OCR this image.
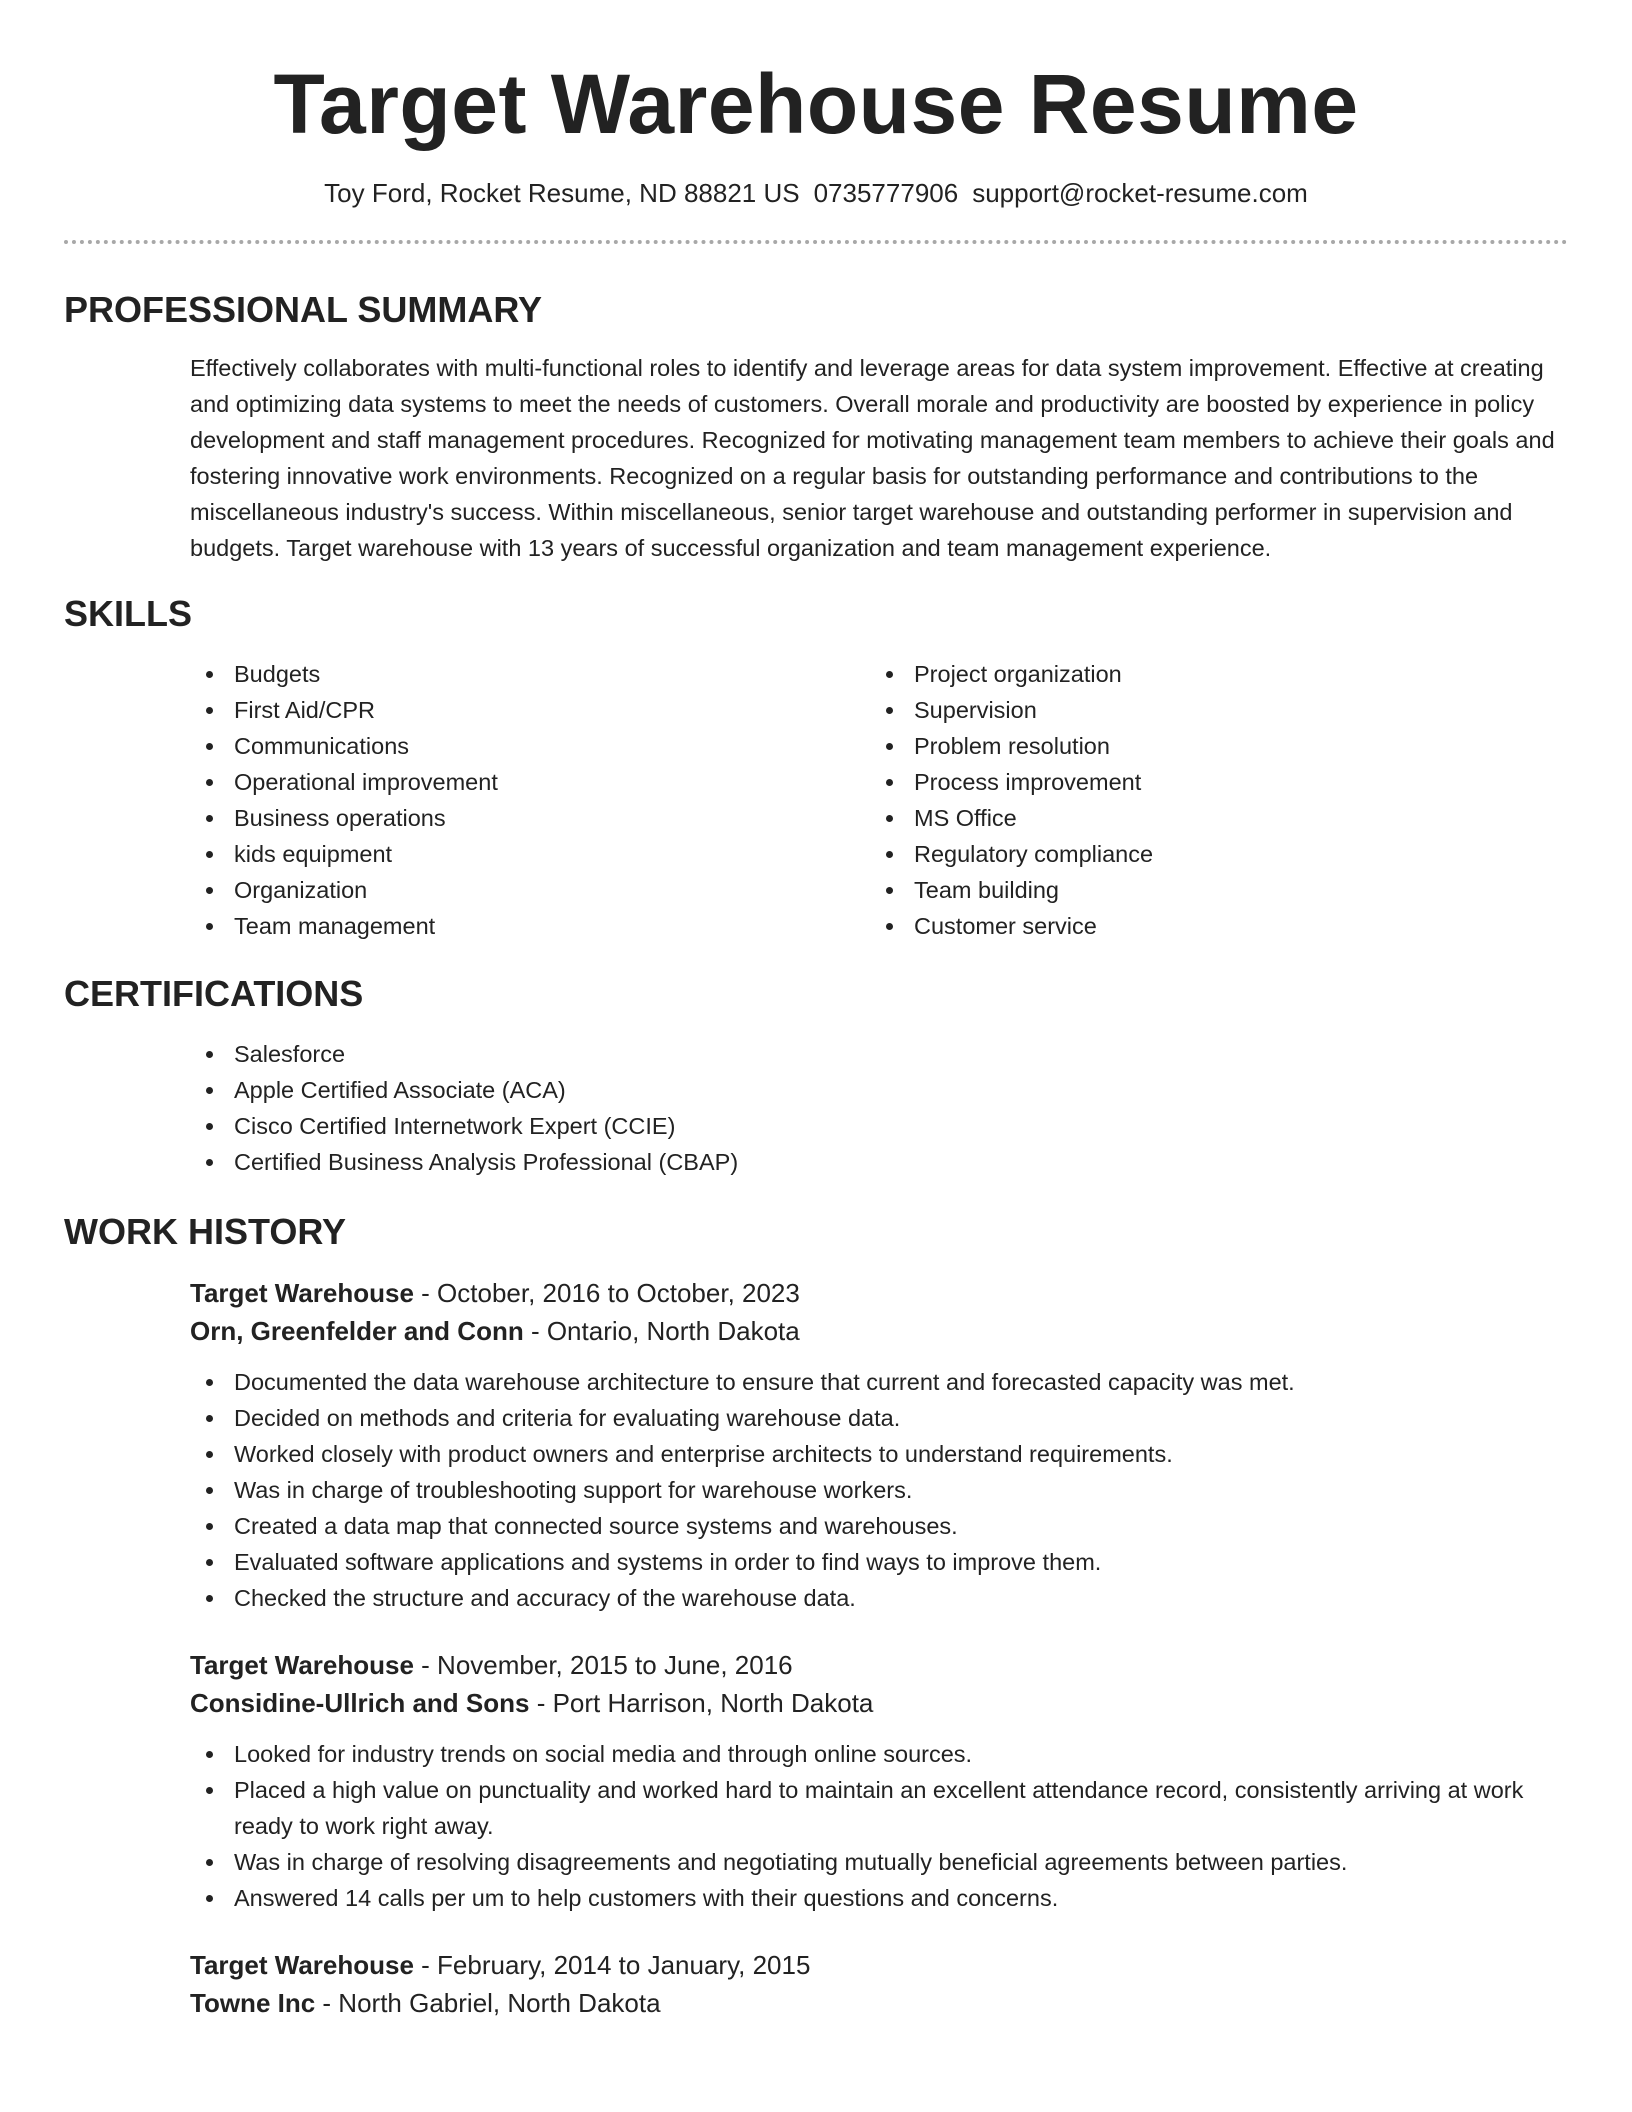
Target Warehouse Resume
Toy Ford, Rocket Resume, ND 88821 US 0735777906 support@rocket-resume.com
PROFESSIONAL SUMMARY

Effectively collaborates with multi-functional roles to identify and leverage areas for data system improvement. Effective at creating and optimizing data systems to meet the needs of customers. Overall morale and productivity are boosted by experience in policy development and staff management procedures. Recognized for motivating management team members to achieve their goals and fostering innovative work environments. Recognized on a regular basis for outstanding performance and contributions to the miscellaneous industry's success. Within miscellaneous, senior target warehouse and outstanding performer in supervision and budgets. Target warehouse with 13 years of successful organization and team management experience.

SKILLS
Budgets
First Aid/CPR
Communications
Operational improvement
Business operations
kids equipment
Organization
Team management
Project organization
Supervision
Problem resolution
Process improvement
MS Office
Regulatory compliance
Team building
Customer service
CERTIFICATIONS
Salesforce
Apple Certified Associate (ACA)
Cisco Certified Internetwork Expert (CCIE)
Certified Business Analysis Professional (CBAP)
WORK HISTORY
Target Warehouse - October, 2016 to October, 2023
Orn, Greenfelder and Conn - Ontario, North Dakota
Documented the data warehouse architecture to ensure that current and forecasted capacity was met.
Decided on methods and criteria for evaluating warehouse data.
Worked closely with product owners and enterprise architects to understand requirements.
Was in charge of troubleshooting support for warehouse workers.
Created a data map that connected source systems and warehouses.
Evaluated software applications and systems in order to find ways to improve them.
Checked the structure and accuracy of the warehouse data.
Target Warehouse - November, 2015 to June, 2016
Considine-Ullrich and Sons - Port Harrison, North Dakota
Looked for industry trends on social media and through online sources.
Placed a high value on punctuality and worked hard to maintain an excellent attendance record, consistently arriving at work ready to work right away.
Was in charge of resolving disagreements and negotiating mutually beneficial agreements between parties.
Answered 14 calls per um to help customers with their questions and concerns.
Target Warehouse - February, 2014 to January, 2015
Towne Inc - North Gabriel, North Dakota
